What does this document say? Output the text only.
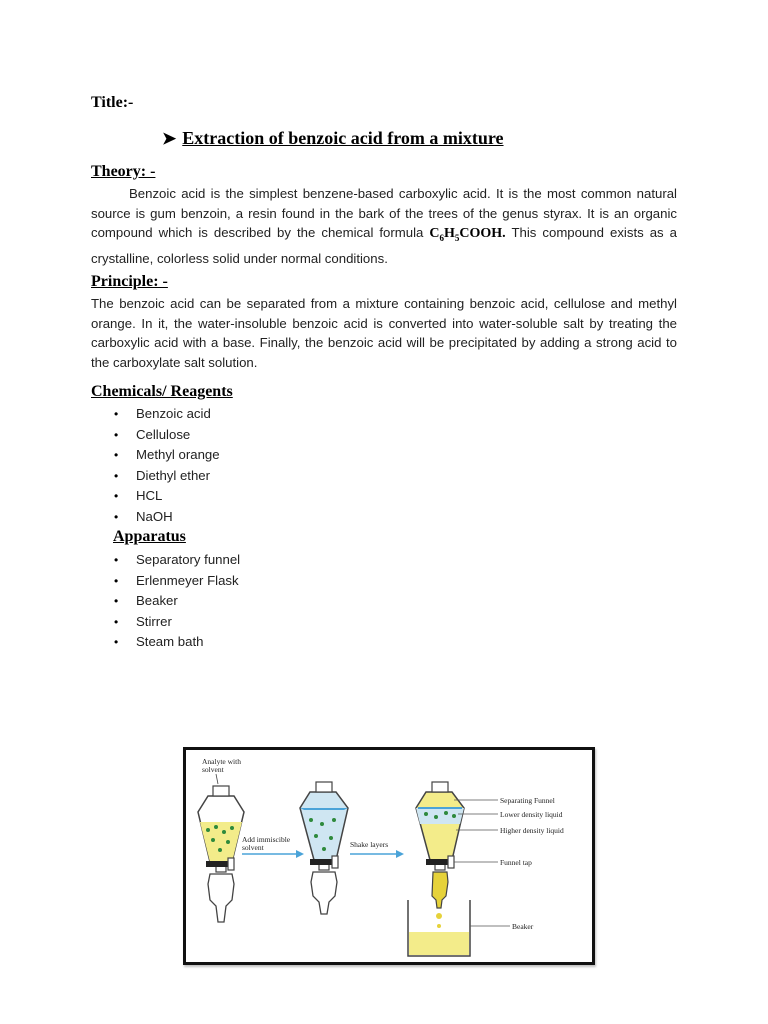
Title:-
➤ Extraction of benzoic acid from a mixture
Theory: -
Benzoic acid is the simplest benzene-based carboxylic acid. It is the most common natural source is gum benzoin, a resin found in the bark of the trees of the genus styrax. It is an organic compound which is described by the chemical formula $C_6H_5COOH$. This compound exists as a crystalline, colorless solid under normal conditions.
Principle: -
The benzoic acid can be separated from a mixture containing benzoic acid, cellulose and methyl orange. In it, the water-insoluble benzoic acid is converted into water-soluble salt by treating the carboxylic acid with a base. Finally, the benzoic acid will be precipitated by adding a strong acid to the carboxylate salt solution.
Chemicals/ Reagents
• Benzoic acid
• Cellulose
• Methyl orange
• Diethyl ether
• HCL
• NaOH
Apparatus
• Separatory funnel
• Erlenmeyer Flask
• Beaker
• Stirrer
• Steam bath
Analyte with
solvent
Add immiscible
solvent	Shake layers
Separating Funnel
Lower density liquid
Higher density liquid
Funnel tap
Beaker
